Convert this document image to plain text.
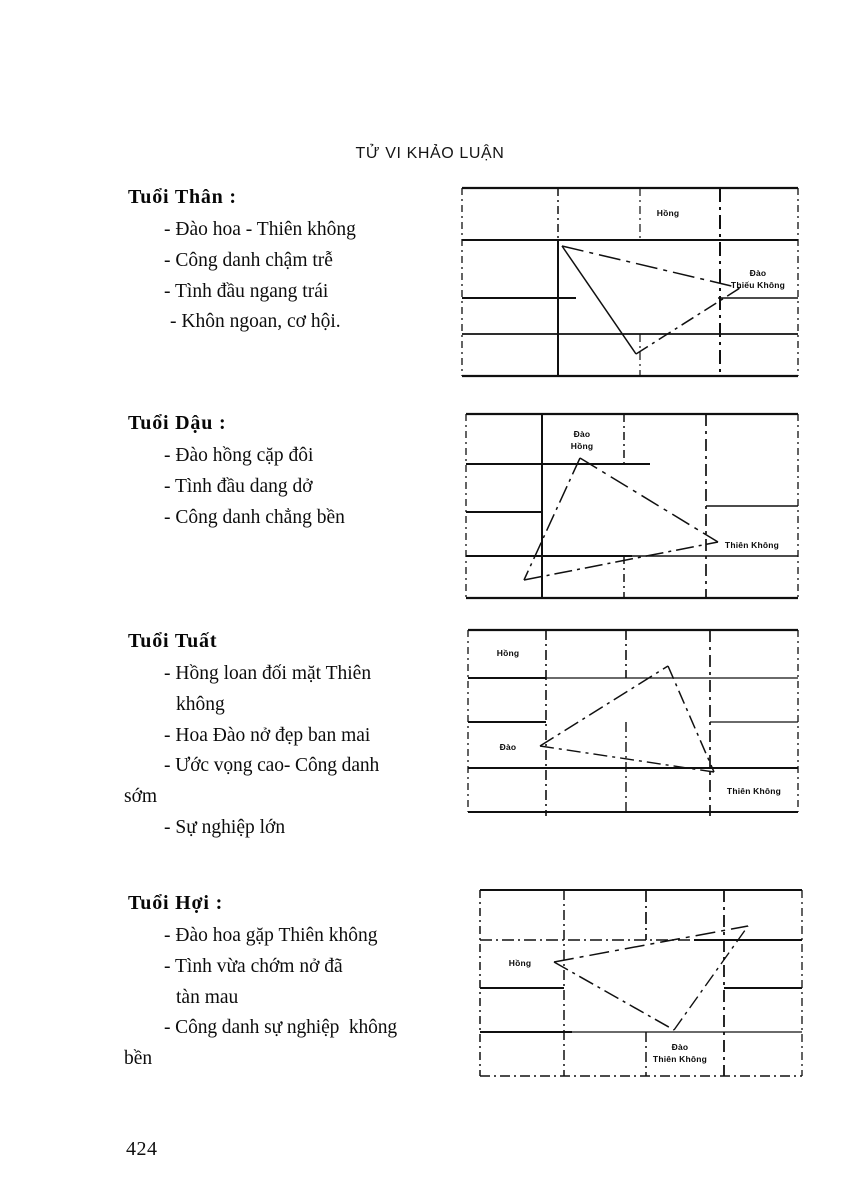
TỬ VI KHẢO LUẬN
Tuổi Thân :
- Đào hoa - Thiên không
- Công danh chậm trễ
- Tình đầu ngang trái
- Khôn ngoan, cơ hội.
Tuổi Dậu :
- Đào hồng cặp đôi
- Tình đầu dang dở
- Công danh chẳng bền
Tuổi Tuất
- Hồng loan đối mặt Thiên
không
- Hoa Đào nở đẹp ban mai
- Ước vọng cao- Công danh
sớm
- Sự nghiệp lớn
Tuổi Hợi :
- Đào hoa gặp Thiên không
- Tình vừa chớm nở đã
tàn mau
- Công danh sự nghiệp  không
bền
Hồng
Đào
Thiếu Không
Đào
Hồng
Thiên Không
Hồng
Đào
Thiên Không
Hồng
Đào
Thiên Không
424
